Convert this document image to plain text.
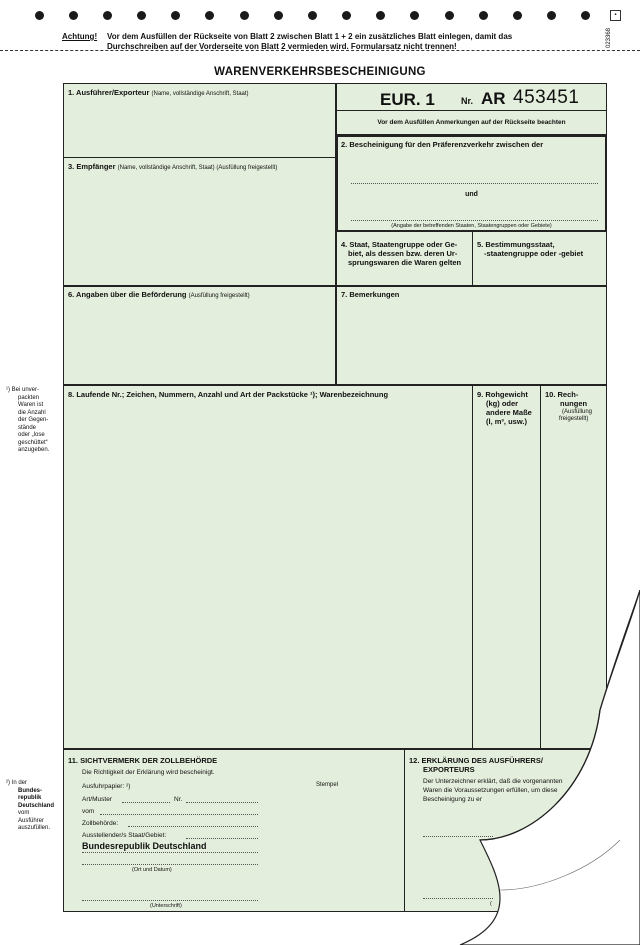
▪
Achtung! Vor dem Ausfüllen der Rückseite von Blatt 2 zwischen Blatt 1 + 2 ein zusätzliches Blatt einlegen, damit das
Durchschreiben auf der Vorderseite von Blatt 2 vermieden wird. Formularsatz nicht trennen!	023368
WARENVERKEHRSBESCHEINIGUNG
1. Ausführer/Exporteur (Name, vollständige Anschrift, Staat)	EUR. 1	Nr. AR 453451
Vor dem Ausfüllen Anmerkungen auf der Rückseite beachten
2. Bescheinigung für den Präferenzverkehr zwischen der
und
(Angabe der betreffenden Staaten, Staatengruppen oder Gebiete)
3. Empfänger (Name, vollständige Anschrift, Staat) (Ausfüllung freigestellt)
4. Staat, Staatengruppe oder Ge-
biet, als dessen bzw. deren Ur-
sprungswaren die Waren gelten
5. Bestimmungsstaat,
-staatengruppe oder -gebiet
6. Angaben über die Beförderung (Ausfüllung freigestellt)	7. Bemerkungen
8. Laufende Nr.; Zeichen, Nummern, Anzahl und Art der Packstücke ¹); Warenbezeichnung	9. Rohgewicht
(kg) oder
andere Maße
(l, m³, usw.)
10. Rech-
nungen
(Ausfüllung
freigestellt)
11. SICHTVERMERK DER ZOLLBEHÖRDE
Die Richtigkeit der Erklärung wird bescheinigt.
Ausfuhrpapier: ²)	Stempel
Art/Muster	Nr.
vom
Zollbehörde:
Ausstellender/s Staat/Gebiet:
Bundesrepublik Deutschland
(Ort und Datum)
(Unterschrift)
12. ERKLÄRUNG DES AUSFÜHRERS/
EXPORTEURS
Der Unterzeichner erklärt, daß die vorgenannten
Waren die Voraussetzungen erfüllen, um diese
Bescheinigung zu er
(
¹) Bei unver-
packten
Waren ist
die Anzahl
der Gegen-
stände
oder „lose
geschüttet“
anzugeben.
²) In der
Bundes-
republik
Deutschland
vom
Ausführer
auszufüllen.
